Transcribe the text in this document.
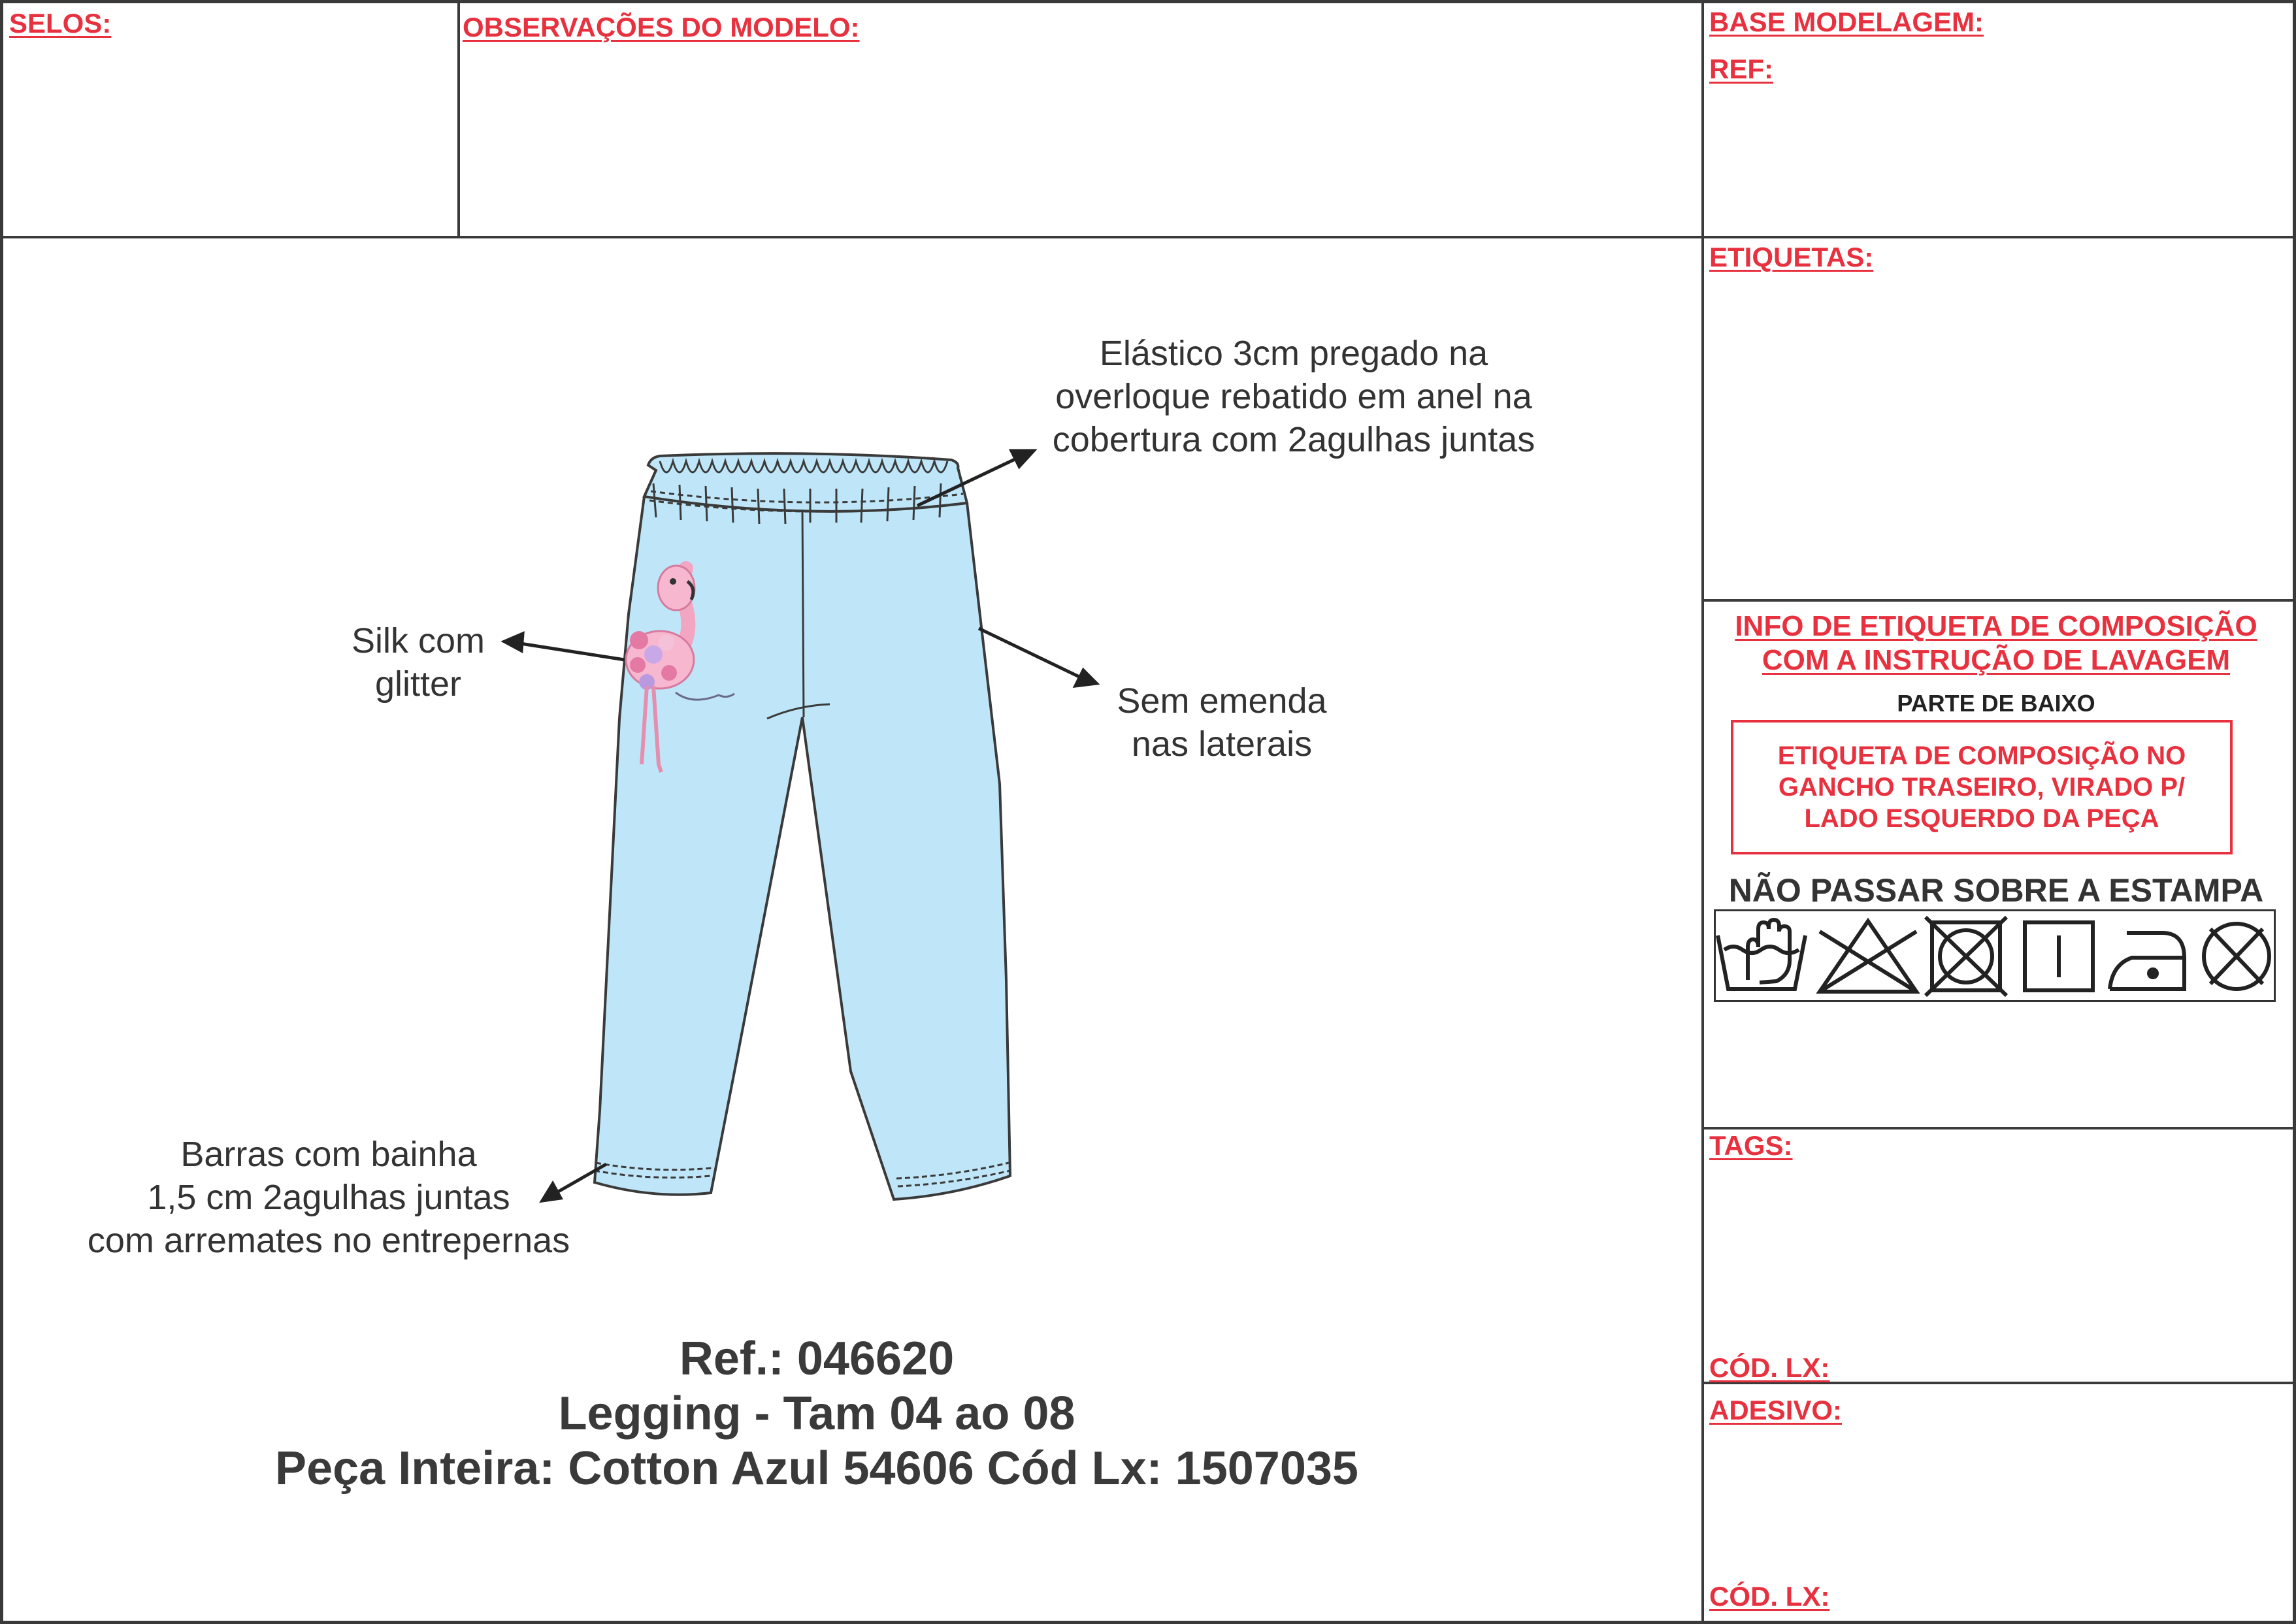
SELOS:	OBSERVAÇÕES DO MODELO:	BASE MODELAGEM:
REF:
ETIQUETAS:
INFO DE ETIQUETA DE COMPOSIÇÃO
COM A INSTRUÇÃO DE LAVAGEM
PARTE DE BAIXO
ETIQUETA DE COMPOSIÇÃO NO GANCHO TRASEIRO, VIRADO P/ LADO ESQUERDO DA PEÇA
NÃO PASSAR SOBRE A ESTAMPA
TAGS:
CÓD. LX:
ADESIVO:
CÓD. LX:
Elástico 3cm pregado na
overloque rebatido em anel na
cobertura com 2agulhas juntas
Silk com
glitter	Sem emenda
nas laterais
Barras com bainha
1,5 cm 2agulhas juntas
com arremates no entrepernas
Ref.: 046620
Legging - Tam 04 ao 08
Peça Inteira: Cotton Azul 54606 Cód Lx: 1507035
